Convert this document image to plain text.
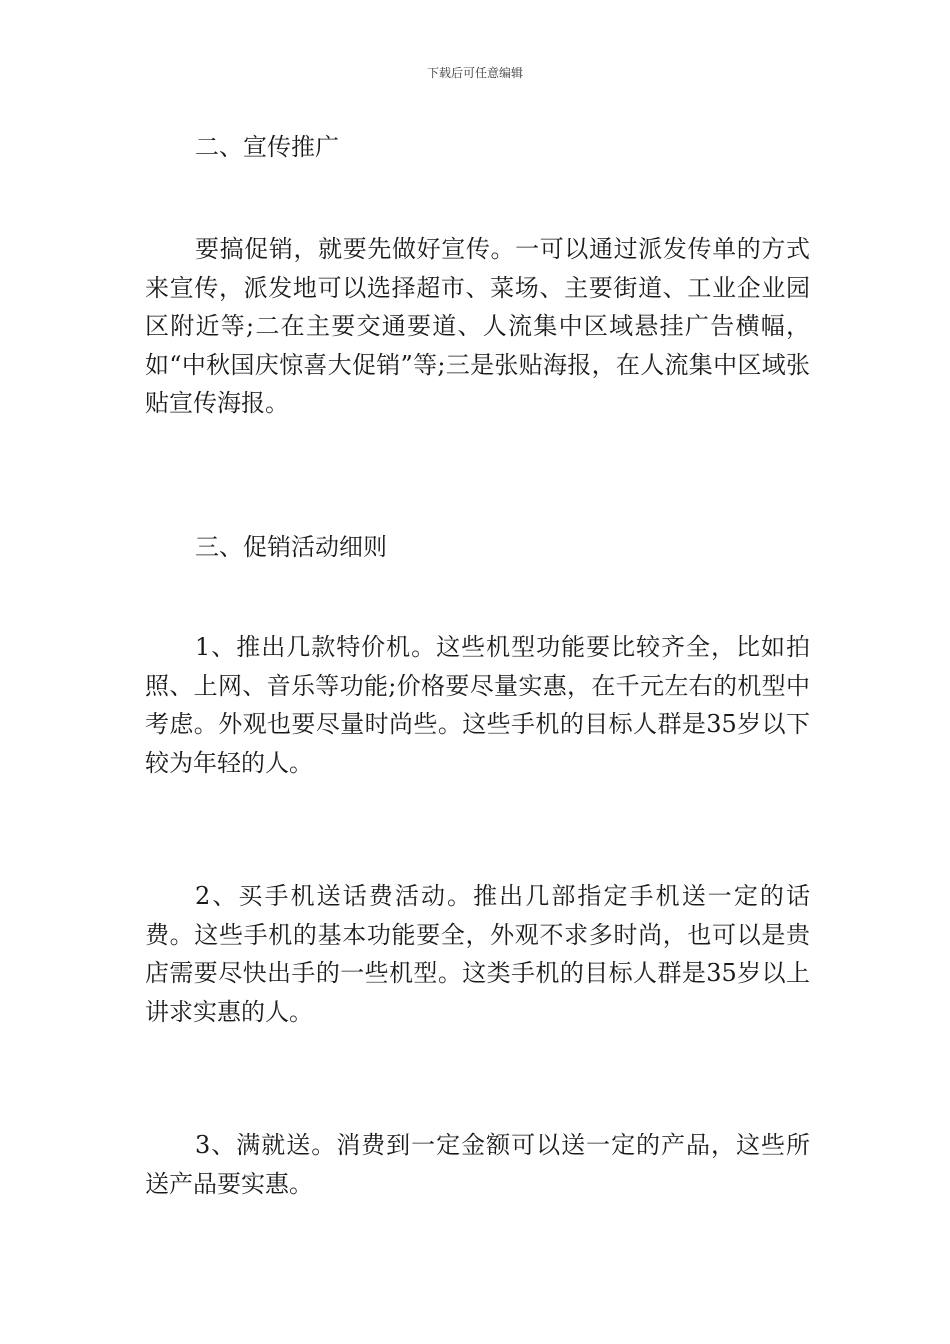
下载后可任意编辑

二、宣传推广

要搞促销，就要先做好宣传。一可以通过派发传单的方式来宣传，派发地可以选择超市、菜场、主要街道、工业企业园区附近等;二在主要交通要道、人流集中区域悬挂广告横幅，如“中秋国庆惊喜大促销”等;三是张贴海报，在人流集中区域张贴宣传海报。

三、促销活动细则

1、推出几款特价机。这些机型功能要比较齐全，比如拍照、上网、音乐等功能;价格要尽量实惠，在千元左右的机型中考虑。外观也要尽量时尚些。这些手机的目标人群是35岁以下较为年轻的人。

2、买手机送话费活动。推出几部指定手机送一定的话费。这些手机的基本功能要全，外观不求多时尚，也可以是贵店需要尽快出手的一些机型。这类手机的目标人群是35岁以上讲求实惠的人。

3、满就送。消费到一定金额可以送一定的产品，这些所送产品要实惠。
